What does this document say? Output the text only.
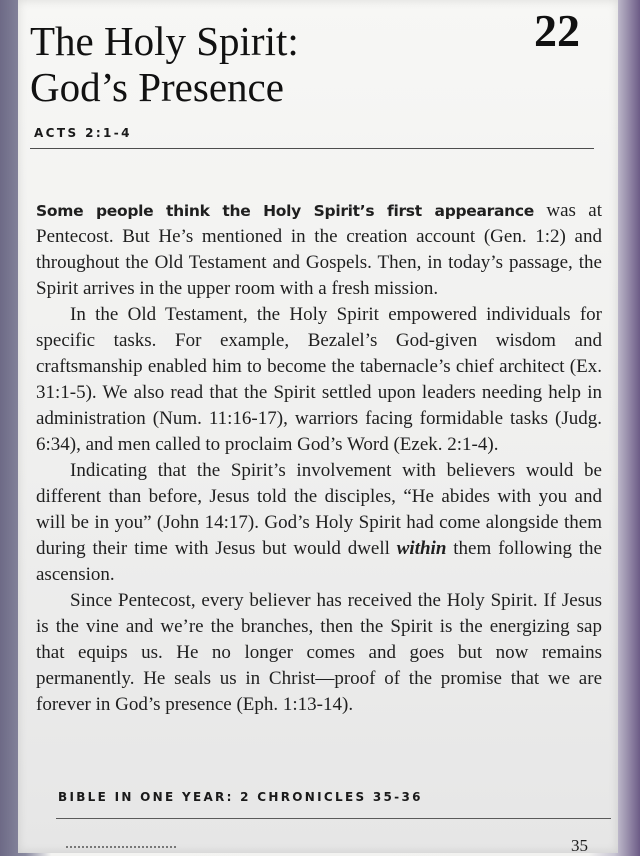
The Holy Spirit:
God’s Presence
22
ACTS 2:1-4

Some people think the Holy Spirit’s first appearance was at Pentecost. But He’s mentioned in the creation account (Gen. 1:2) and throughout the Old Testament and Gospels. Then, in today’s passage, the Spirit arrives in the upper room with a fresh mission.

In the Old Testament, the Holy Spirit empowered individuals for specific tasks. For example, Bezalel’s God-given wisdom and craftsmanship enabled him to become the tabernacle’s chief architect (Ex. 31:1-5). We also read that the Spirit settled upon leaders needing help in administration (Num. 11:16-17), warriors facing formidable tasks (Judg. 6:34), and men called to proclaim God’s Word (Ezek. 2:1-4).

Indicating that the Spirit’s involvement with believers would be different than before, Jesus told the disciples, “He abides with you and will be in you” (John 14:17). God’s Holy Spirit had come alongside them during their time with Jesus but would dwell within them following the ascension.

Since Pentecost, every believer has received the Holy Spirit. If Jesus is the vine and we’re the branches, then the Spirit is the energizing sap that equips us. He no longer comes and goes but now remains permanently. He seals us in Christ—proof of the promise that we are forever in God’s presence (Eph. 1:13-14).

BIBLE IN ONE YEAR: 2 CHRONICLES 35-36
35
